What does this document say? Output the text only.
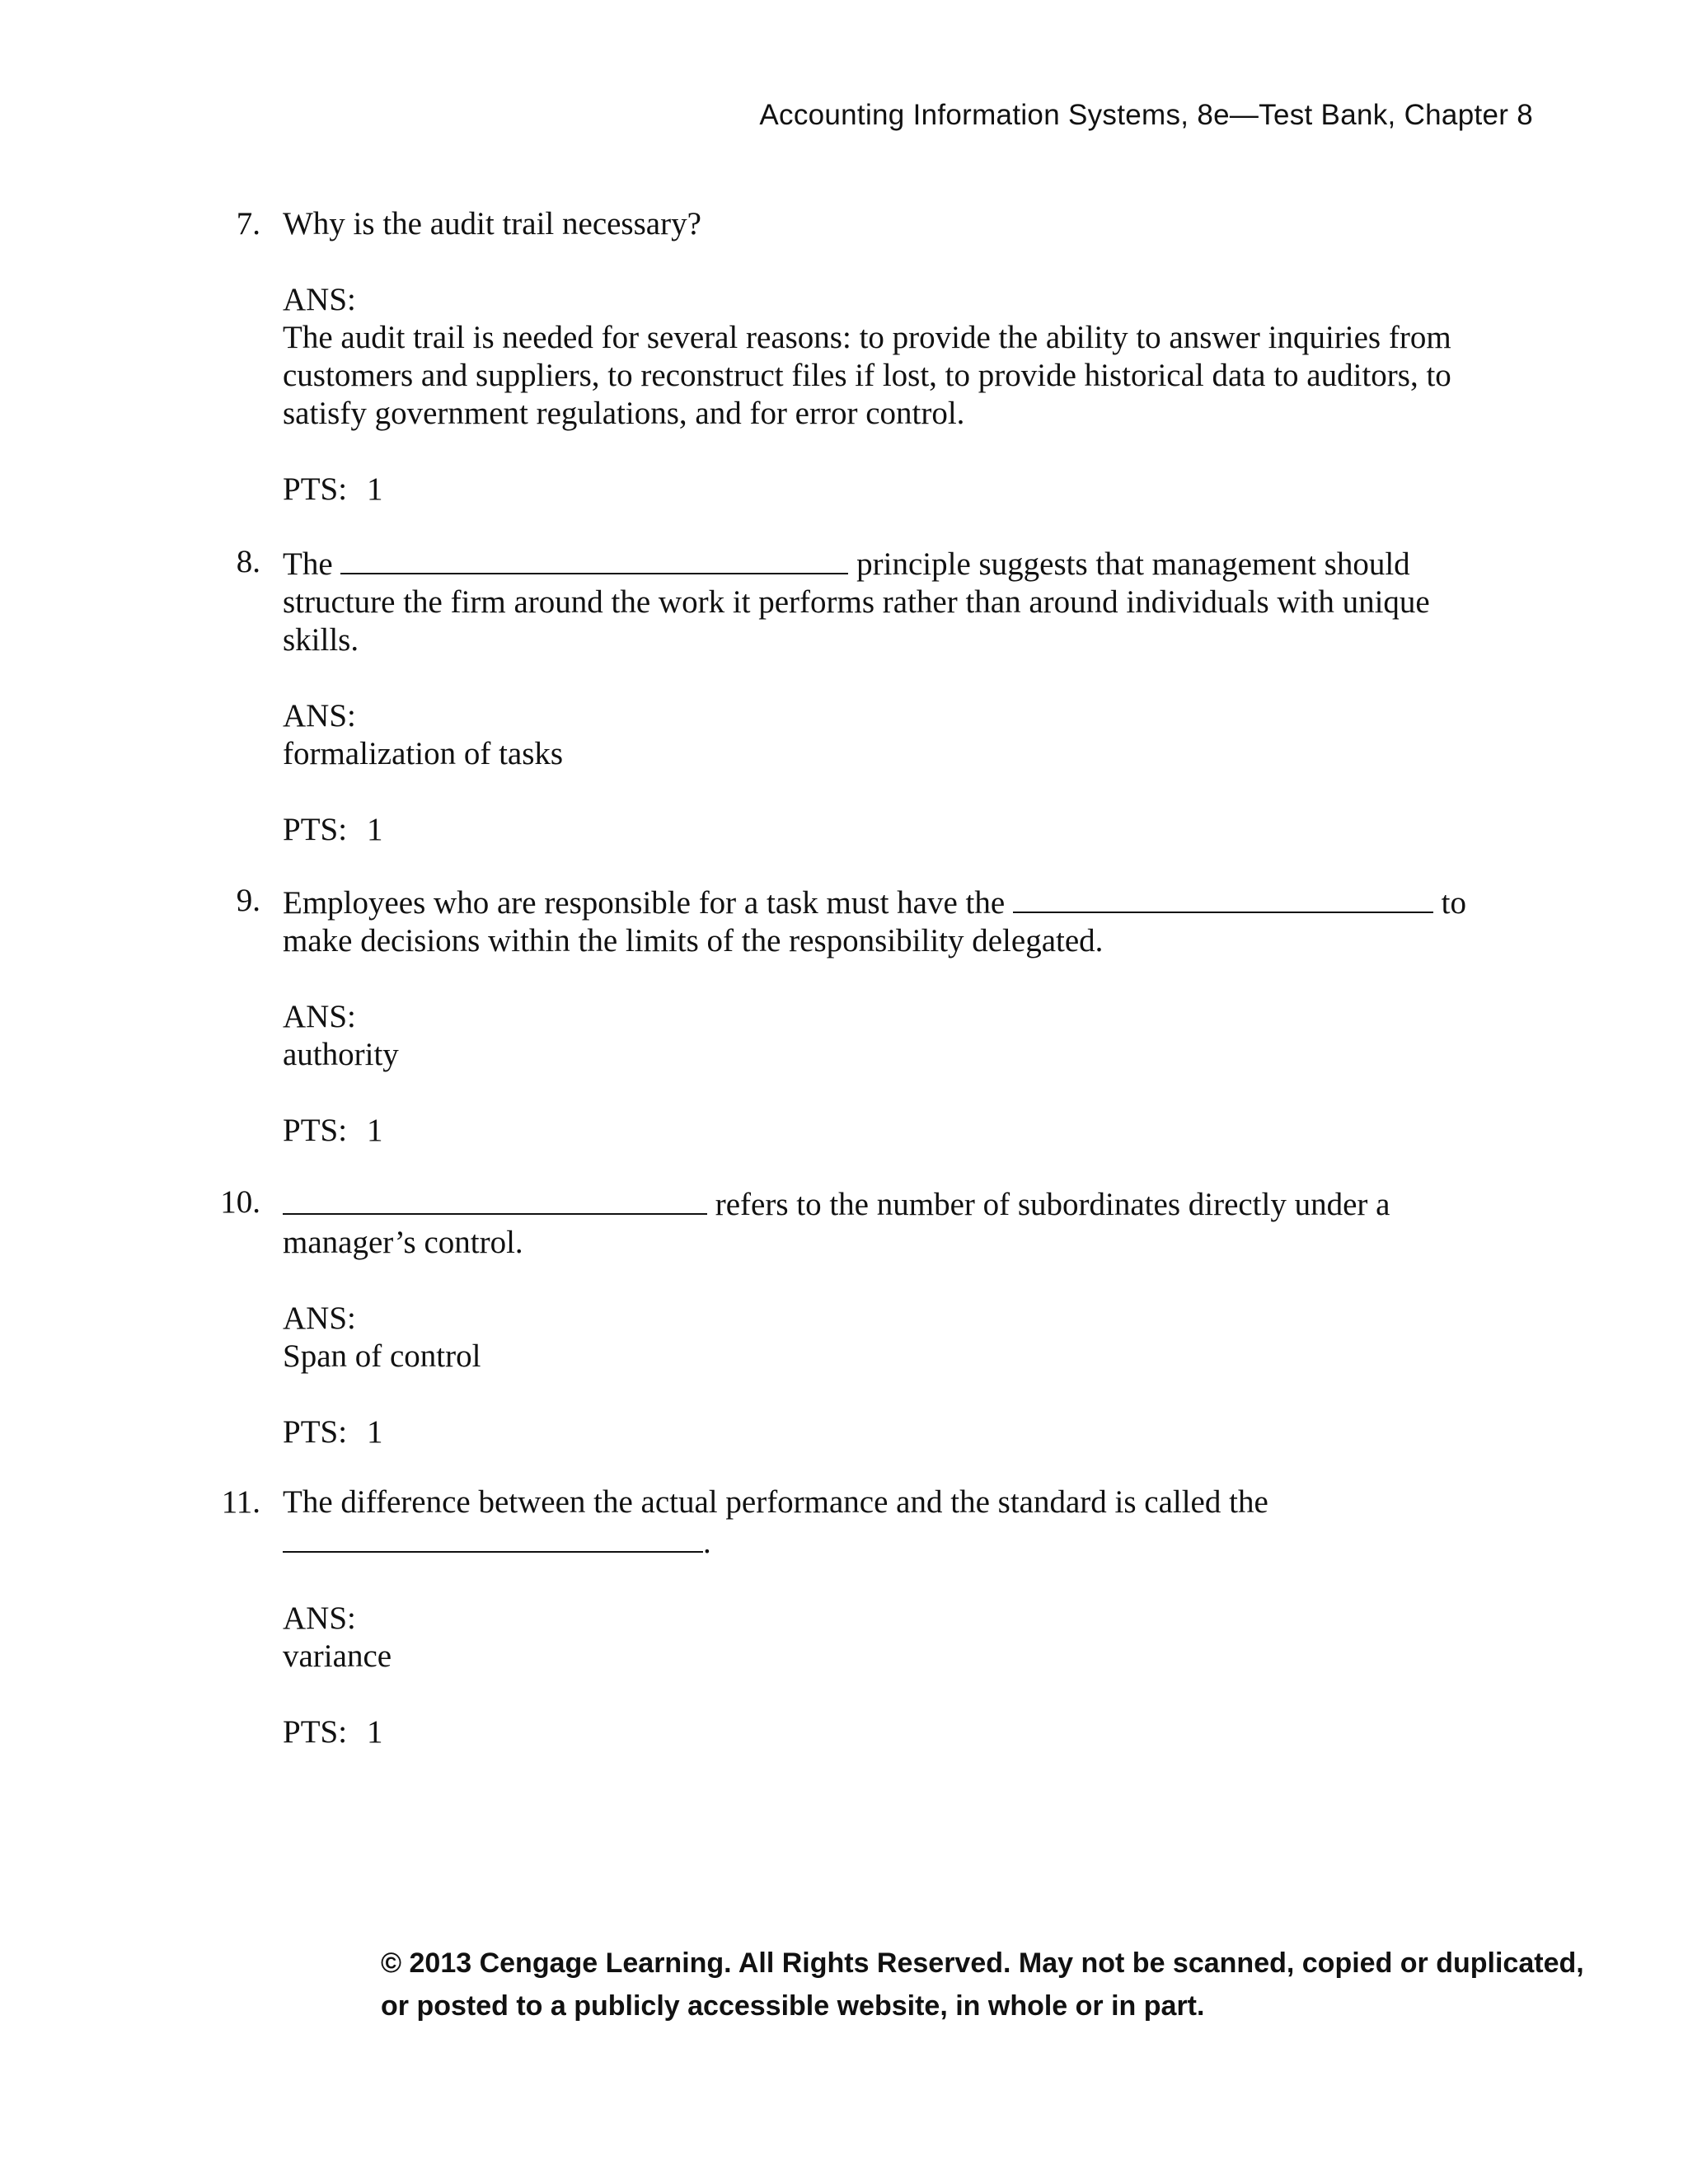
Accounting Information Systems, 8e—Test Bank, Chapter 8
7. Why is the audit trail necessary?

ANS:

The audit trail is needed for several reasons: to provide the ability to answer inquiries from customers and suppliers, to reconstruct files if lost, to provide historical data to auditors, to satisfy government regulations, and for error control.

PTS: 1

8. The	principle suggests that management should structure the firm around the work it performs rather than around individuals with unique skills.

ANS:

formalization of tasks

PTS: 1

9. Employees who are responsible for a task must have the	to make decisions within the limits of the responsibility delegated.

ANS:

authority

PTS: 1

10.	refers to the number of subordinates directly under a manager’s control.

ANS:

Span of control

PTS: 1

11. The difference between the actual performance and the standard is called the
.

ANS:

variance

PTS: 1

© 2013 Cengage Learning. All Rights Reserved. May not be scanned, copied or duplicated,
or posted to a publicly accessible website, in whole or in part.
